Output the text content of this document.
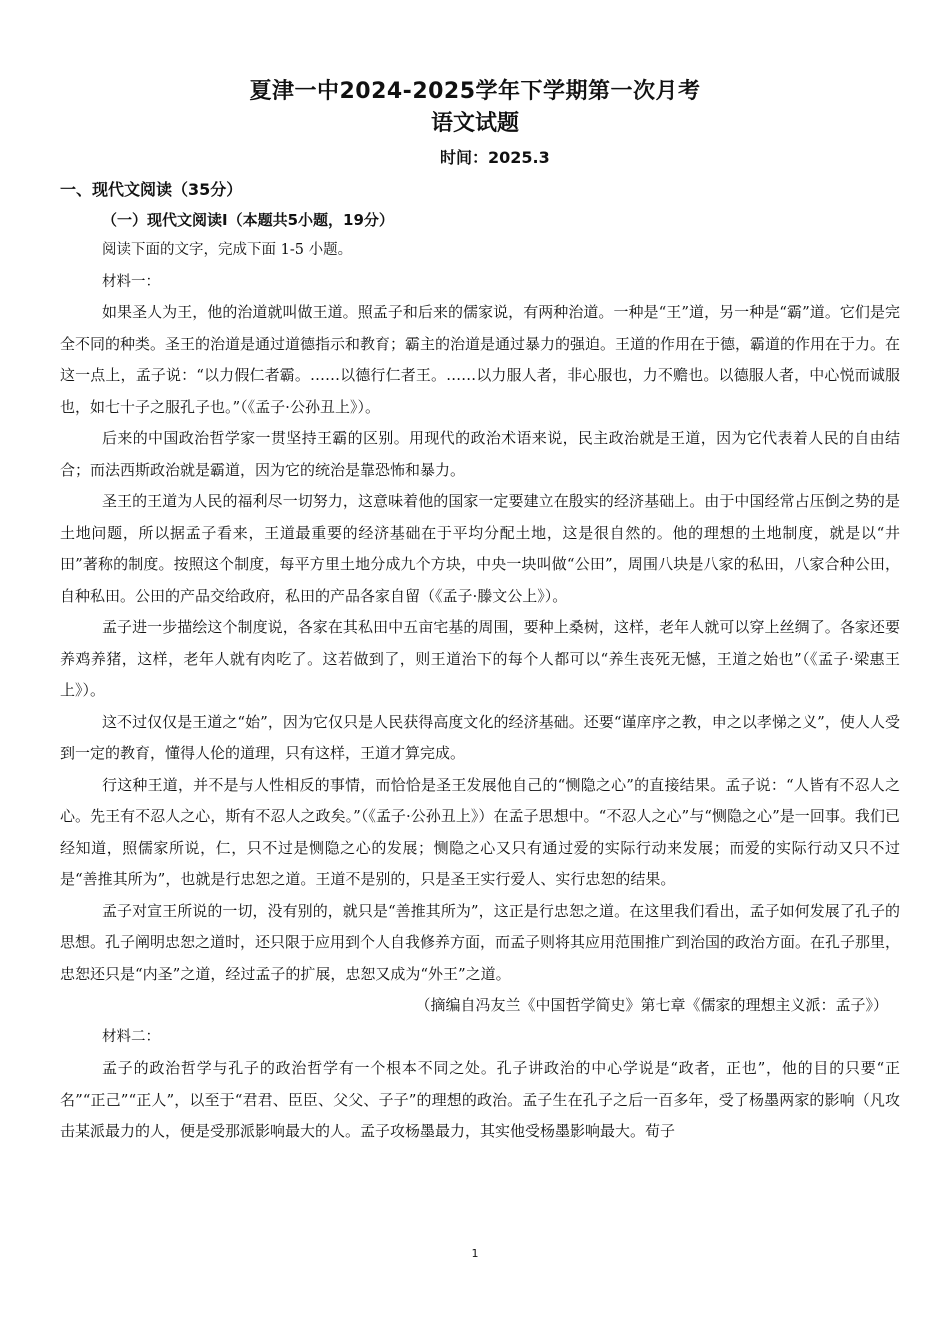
夏津一中2024-2025学年下学期第一次月考
语文试题
时间：2025.3
一、现代文阅读（35分）
（一）现代文阅读Ⅰ（本题共5小题，19分）
阅读下面的文字，完成下面 1-5 小题。
材料一：

如果圣人为王，他的治道就叫做王道。照孟子和后来的儒家说，有两种治道。一种是“王”道，另一种是“霸”道。它们是完全不同的种类。圣王的治道是通过道德指示和教育；霸主的治道是通过暴力的强迫。王道的作用在于德，霸道的作用在于力。在这一点上，孟子说：“以力假仁者霸。……以德行仁者王。……以力服人者，非心服也，力不赡也。以德服人者，中心悦而诚服也，如七十子之服孔子也。”（《孟子·公孙丑上》）。

后来的中国政治哲学家一贯坚持王霸的区别。用现代的政治术语来说，民主政治就是王道，因为它代表着人民的自由结合；而法西斯政治就是霸道，因为它的统治是靠恐怖和暴力。

圣王的王道为人民的福利尽一切努力，这意味着他的国家一定要建立在殷实的经济基础上。由于中国经常占压倒之势的是土地问题，所以据孟子看来，王道最重要的经济基础在于平均分配土地，这是很自然的。他的理想的土地制度，就是以“井田”著称的制度。按照这个制度，每平方里土地分成九个方块，中央一块叫做“公田”，周围八块是八家的私田，八家合种公田，自种私田。公田的产品交给政府，私田的产品各家自留（《孟子·滕文公上》）。

孟子进一步描绘这个制度说，各家在其私田中五亩宅基的周围，要种上桑树，这样，老年人就可以穿上丝绸了。各家还要养鸡养猪，这样，老年人就有肉吃了。这若做到了，则王道治下的每个人都可以“养生丧死无憾，王道之始也”（《孟子·梁惠王上》）。

这不过仅仅是王道之“始”，因为它仅只是人民获得高度文化的经济基础。还要“谨庠序之教，申之以孝悌之义”，使人人受到一定的教育，懂得人伦的道理，只有这样，王道才算完成。

行这种王道，并不是与人性相反的事情，而恰恰是圣王发展他自己的“恻隐之心”的直接结果。孟子说：“人皆有不忍人之心。先王有不忍人之心，斯有不忍人之政矣。”（《孟子·公孙丑上》）在孟子思想中。“不忍人之心”与“恻隐之心”是一回事。我们已经知道，照儒家所说，仁，只不过是恻隐之心的发展；恻隐之心又只有通过爱的实际行动来发展；而爱的实际行动又只不过是“善推其所为”，也就是行忠恕之道。王道不是别的，只是圣王实行爱人、实行忠恕的结果。

孟子对宣王所说的一切，没有别的，就只是“善推其所为”，这正是行忠恕之道。在这里我们看出，孟子如何发展了孔子的思想。孔子阐明忠恕之道时，还只限于应用到个人自我修养方面，而孟子则将其应用范围推广到治国的政治方面。在孔子那里，忠恕还只是“内圣”之道，经过孟子的扩展，忠恕又成为“外王”之道。

（摘编自冯友兰《中国哲学简史》第七章《儒家的理想主义派：孟子》）

材料二：

孟子的政治哲学与孔子的政治哲学有一个根本不同之处。孔子讲政治的中心学说是“政者，正也”，他的目的只要“正名”“正己”“正人”，以至于“君君、臣臣、父父、子子”的理想的政治。孟子生在孔子之后一百多年，受了杨墨两家的影响（凡攻击某派最力的人，便是受那派影响最大的人。孟子攻杨墨最力，其实他受杨墨影响最大。荀子

1
